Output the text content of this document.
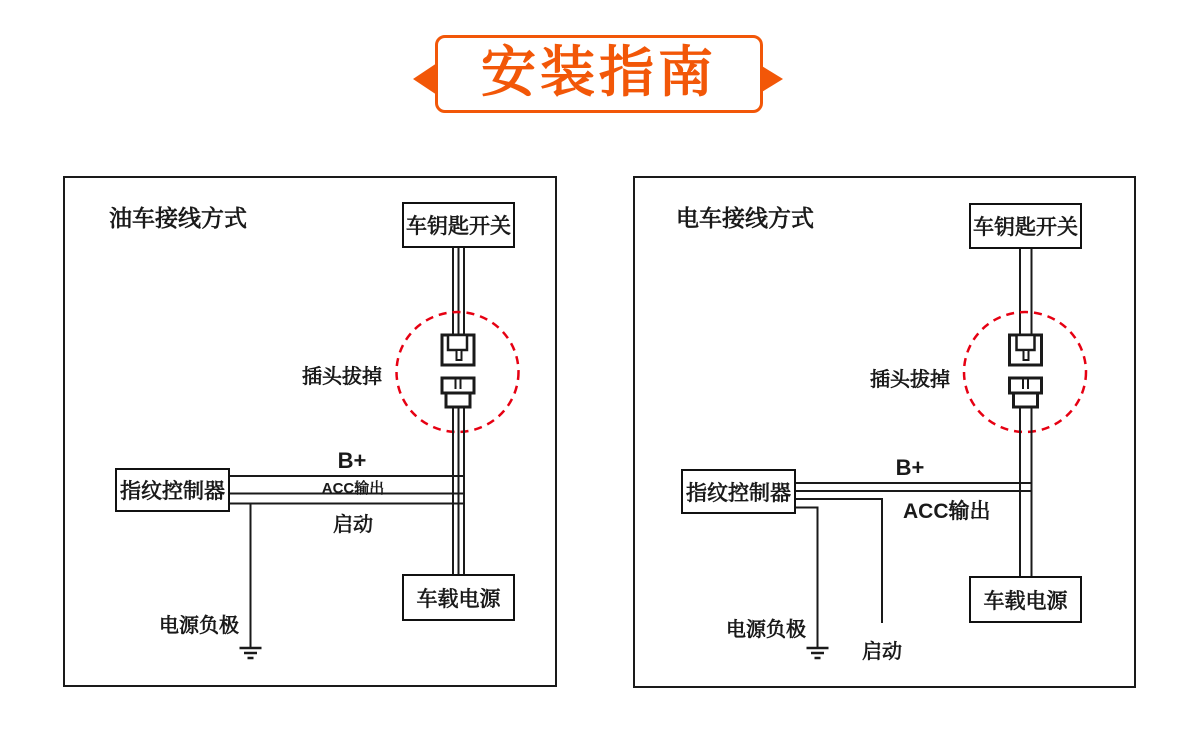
安装指南
油车接线方式	车钥匙开关
插头拔掉
指纹控制器
B+
ACC输出
启动
电源负极
车载电源
电车接线方式	车钥匙开关
插头拔掉
指纹控制器
B+
ACC输出
电源负极
启动
车载电源
